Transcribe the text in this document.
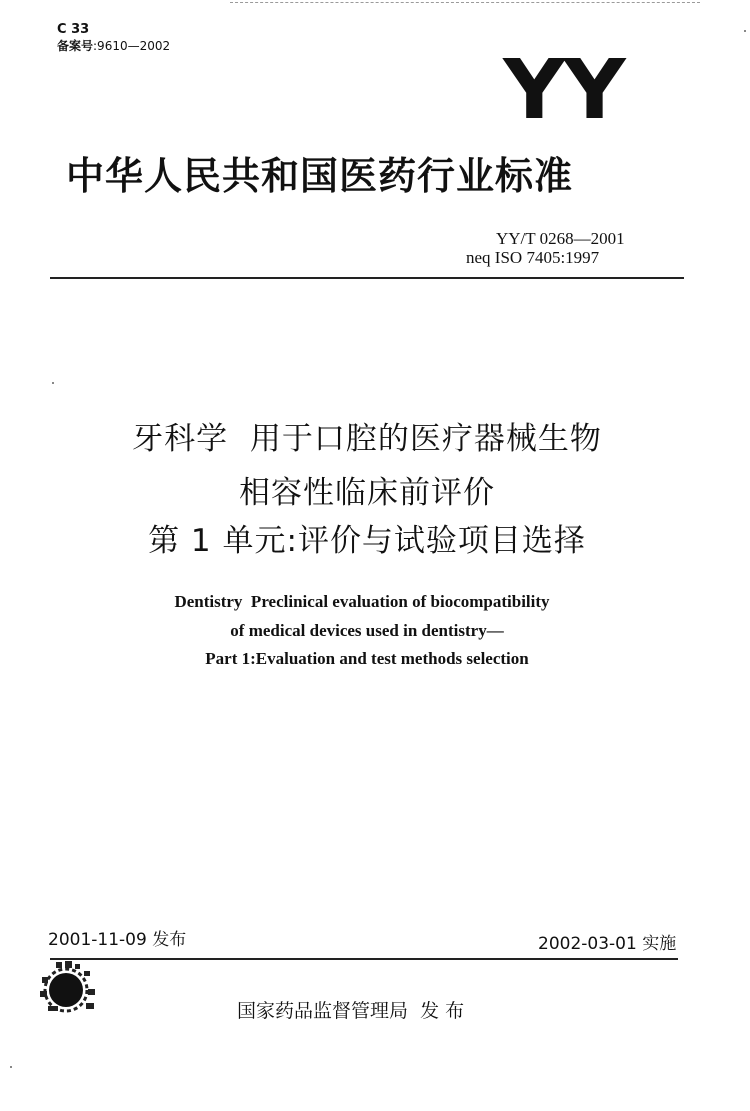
C 33
备案号:9610—2002	YY
中华人民共和国医药行业标准
YY/T 0268—2001
neq ISO 7405:1997
牙科学  用于口腔的医疗器械生物
相容性临床前评价
第 1 单元:评价与试验项目选择
Dentistry  Preclinical evaluation of biocompatibility
of medical devices used in dentistry—
Part 1:Evaluation and test methods selection
2001-11-09 发布	2002-03-01 实施
国家药品监督管理局  发 布
